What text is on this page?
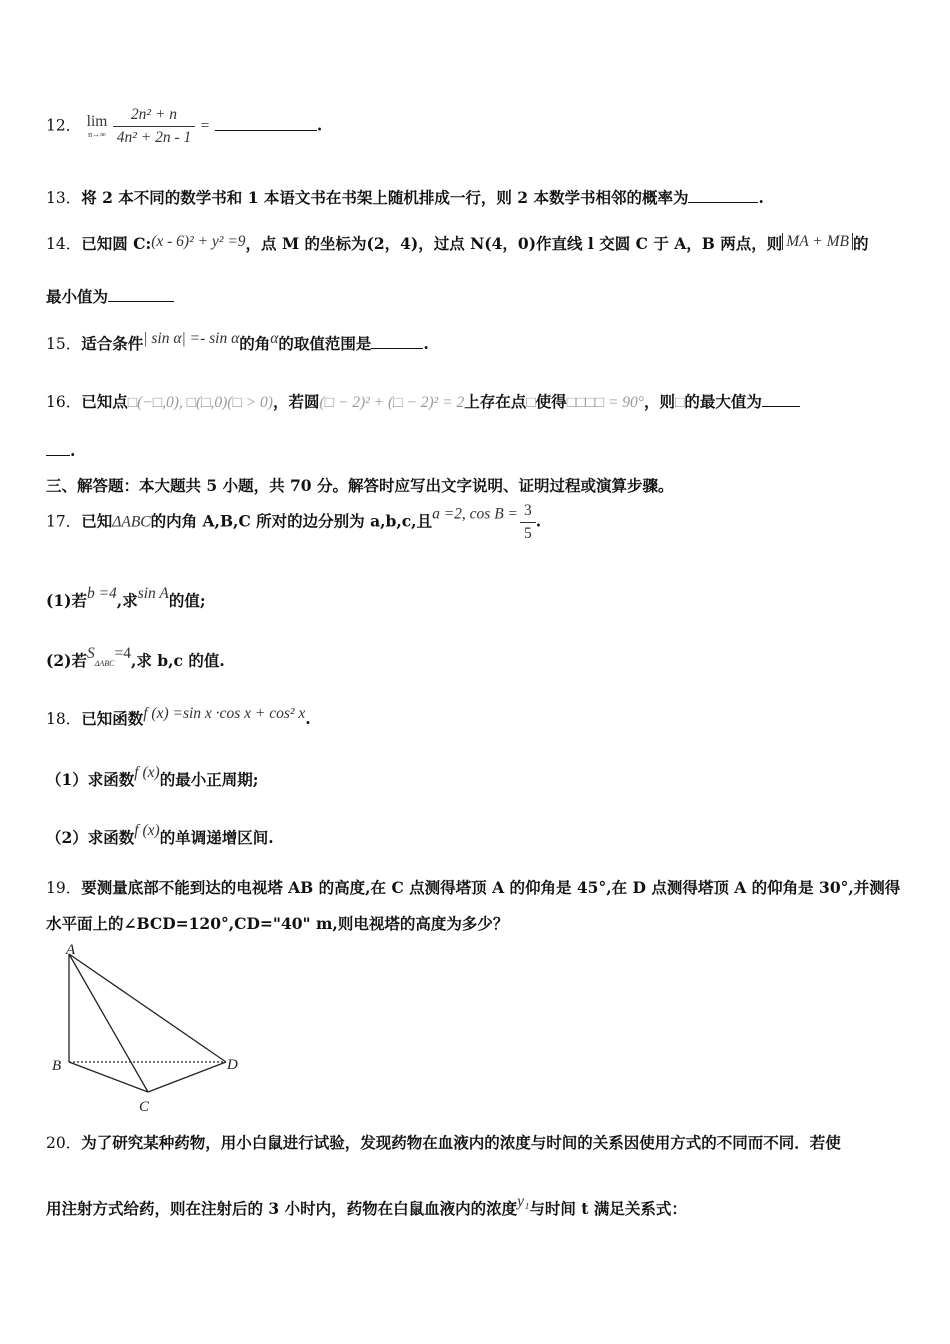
12． lim
n→∞
$\frac{\text{2n² + n}}{\text{4n² + 2n - 1}}$ =	.
13．将 2 本不同的数学书和 1 本语文书在书架上随机排成一行，则 2 本数学书相邻的概率为	.
14．已知圆 C:(x - 6)² + y² =9，点 M 的坐标为(2，4)，过点 N(4，0)作直线 l 交圆 C 于 A，B 两点，则 MA + MB 的
最小值为
15．适合条件| sin α| =- sin α的角α的取值范围是	.
16．已知点□(−□,0), □(□,0)(□ > 0)，若圆(□ − 2)² + (□ − 2)² = 2上存在点□使得□□□□ = 90°，则□的最大值为
.
三、解答题：本大题共 5 小题，共 70 分。解答时应写出文字说明、证明过程或演算步骤。
17．已知ΔABC的内角 A,B,C 所对的边分别为 a,b,c,且a =2, $\cos B = \frac{3}{5}$ .
(1)若b =4,求sin A的值;
(2)若SΔABC=4,求 b,c 的值.
18．已知函数f (x) =sin x ·cos x + cos² x.
（1）求函数f (x)的最小正周期;
（2）求函数f (x)的单调递增区间.
19．要测量底部不能到达的电视塔 AB 的高度,在 C 点测得塔顶 A 的仰角是 45°,在 D 点测得塔顶 A 的仰角是 30°,并测得
水平面上的∠BCD=120°,CD="40" m,则电视塔的高度为多少？
A
B
C
D
20．为了研究某种药物，用小白鼠进行试验，发现药物在血液内的浓度与时间的关系因使用方式的不同而不同．若使
用注射方式给药，则在注射后的 3 小时内，药物在白鼠血液内的浓度y₁与时间 t 满足关系式：
